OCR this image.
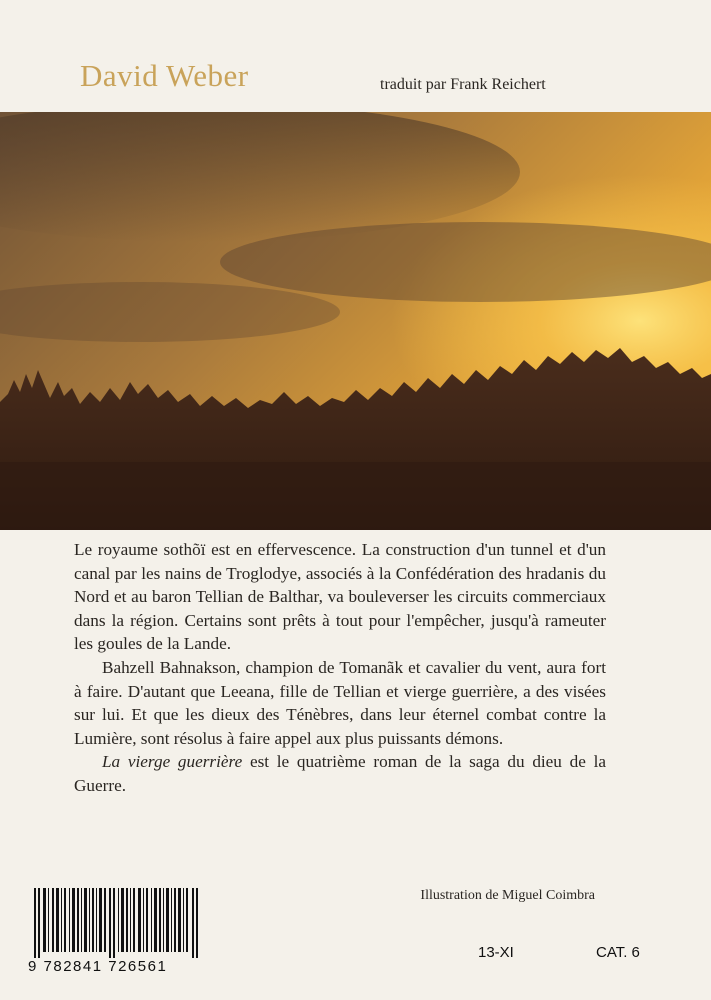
David Weber	traduit par Frank Reichert

Le royaume sothõï est en effervescence. La construction d'un tunnel et d'un canal par les nains de Troglodye, associés à la Confédération des hradanis du Nord et au baron Tellian de Balthar, va bouleverser les circuits commerciaux dans la région. Certains sont prêts à tout pour l'empêcher, jusqu'à rameuter les goules de la Lande.

Bahzell Bahnakson, champion de Tomanãk et cavalier du vent, aura fort à faire. D'autant que Leeana, fille de Tellian et vierge guerrière, a des visées sur lui. Et que les dieux des Ténèbres, dans leur éternel combat contre la Lumière, sont résolus à faire appel aux plus puissants démons.

La vierge guerrière est le quatrième roman de la saga du dieu de la Guerre.

Illustration de Miguel Coimbra
9 782841 726561
13-XI	CAT. 6
